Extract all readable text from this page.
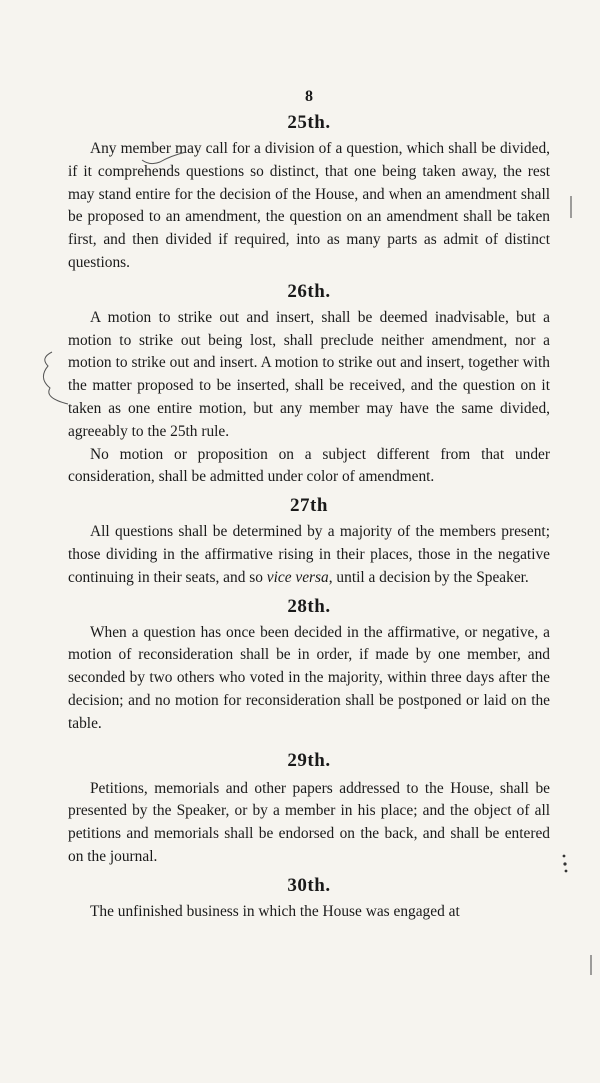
8
25th.

Any member may call for a division of a question, which shall be divided, if it comprehends questions so distinct, that one being taken away, the rest may stand entire for the decision of the House, and when an amendment shall be proposed to an amendment, the question on an amendment shall be taken first, and then divided if required, into as many parts as admit of distinct questions.

26th.

A motion to strike out and insert, shall be deemed inadvisable, but a motion to strike out being lost, shall preclude neither amendment, nor a motion to strike out and insert. A motion to strike out and insert, together with the matter proposed to be inserted, shall be received, and the question on it taken as one entire motion, but any member may have the same divided, agreeably to the 25th rule.

No motion or proposition on a subject different from that under consideration, shall be admitted under color of amendment.

27th

All questions shall be determined by a majority of the members present; those dividing in the affirmative rising in their places, those in the negative continuing in their seats, and so vice versa, until a decision by the Speaker.

28th.

When a question has once been decided in the affirmative, or negative, a motion of reconsideration shall be in order, if made by one member, and seconded by two others who voted in the majority, within three days after the decision; and no motion for reconsideration shall be postponed or laid on the table.

29th.

Petitions, memorials and other papers addressed to the House, shall be presented by the Speaker, or by a member in his place; and the object of all petitions and memorials shall be endorsed on the back, and shall be entered on the journal.

30th.

The unfinished business in which the House was engaged at
